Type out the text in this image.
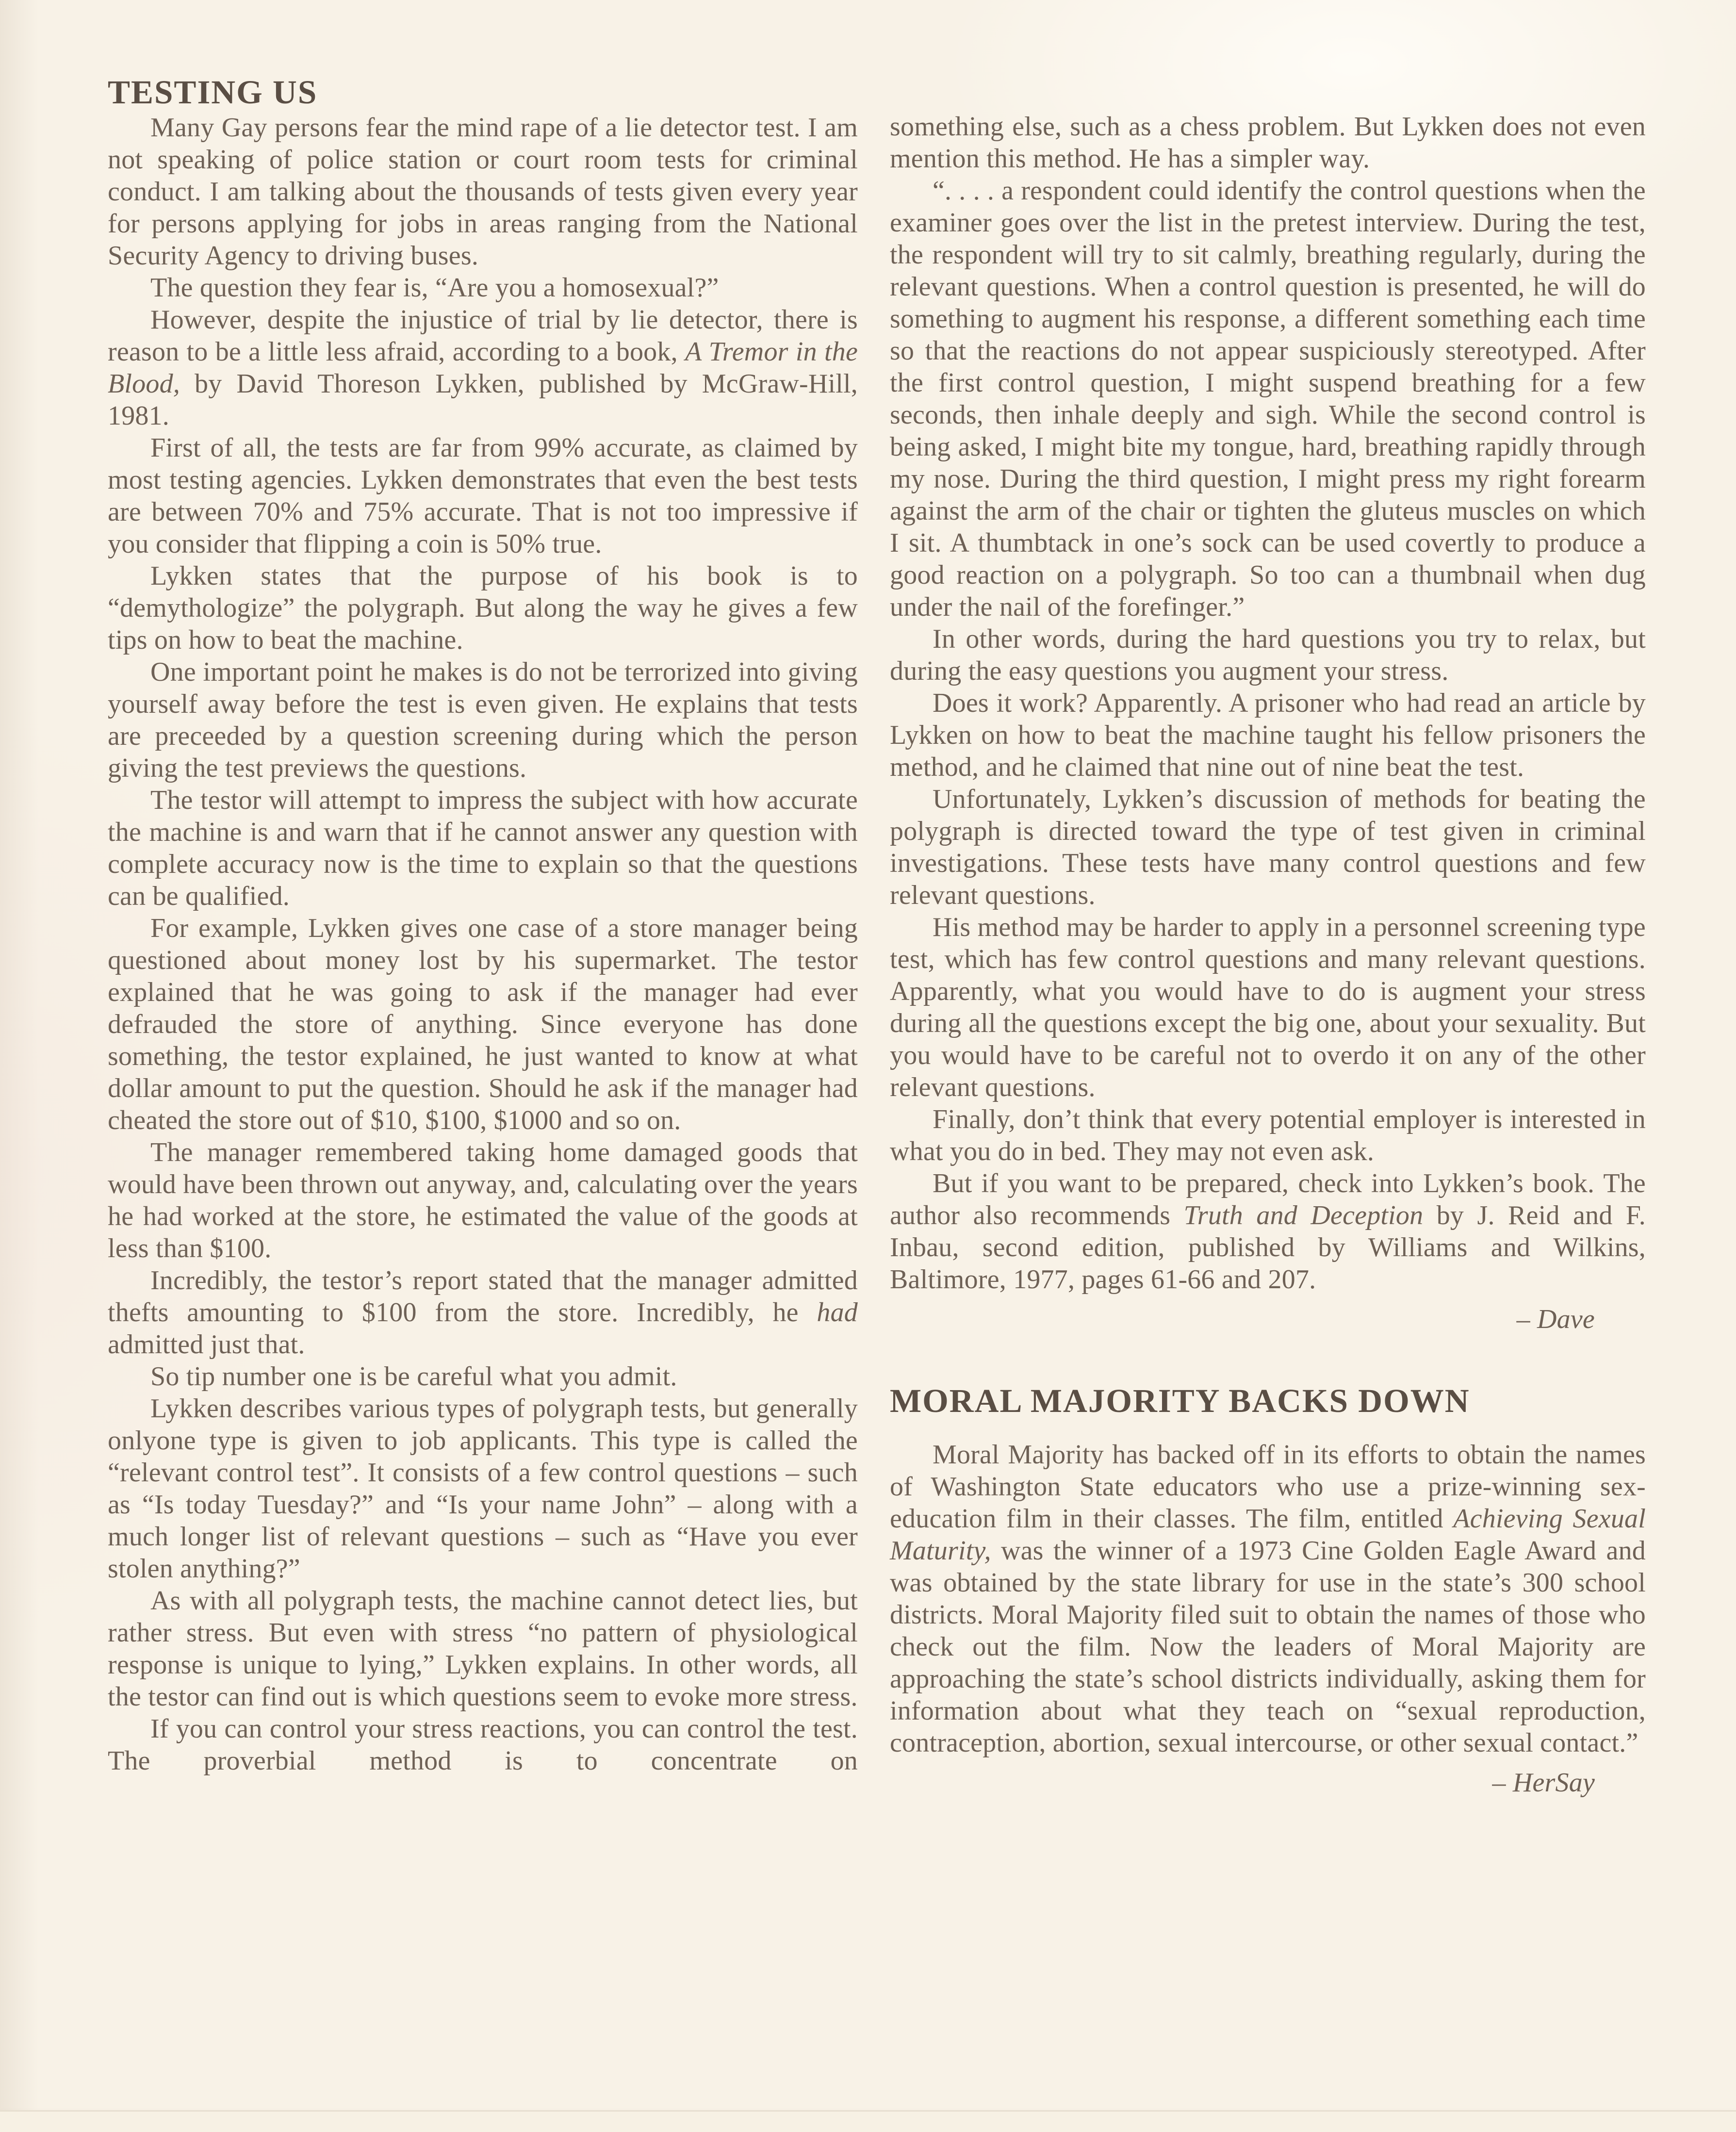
TESTING US

Many Gay persons fear the mind rape of a lie detector test. I am not speaking of police station or court room tests for criminal conduct. I am talking about the thousands of tests given every year for persons applying for jobs in areas ranging from the National Security Agency to driving buses.

The question they fear is, “Are you a homosexual?”

However, despite the injustice of trial by lie detector, there is reason to be a little less afraid, according to a book, A Tremor in the Blood, by David Thoreson Lykken, published by McGraw-Hill, 1981.

First of all, the tests are far from 99% accurate, as claimed by most testing agencies. Lykken demonstrates that even the best tests are between 70% and 75% accurate. That is not too impressive if you consider that flipping a coin is 50% true.

Lykken states that the purpose of his book is to “demythologize” the polygraph. But along the way he gives a few tips on how to beat the machine.

One important point he makes is do not be terrorized into giving yourself away before the test is even given. He explains that tests are preceeded by a question screening during which the person giving the test previews the questions.

The testor will attempt to impress the subject with how accurate the machine is and warn that if he cannot answer any question with complete accuracy now is the time to explain so that the questions can be qualified.

For example, Lykken gives one case of a store manager being questioned about money lost by his supermarket. The testor explained that he was going to ask if the manager had ever defrauded the store of anything. Since everyone has done something, the testor explained, he just wanted to know at what dollar amount to put the question. Should he ask if the manager had cheated the store out of $10, $100, $1000 and so on.

The manager remembered taking home damaged goods that would have been thrown out anyway, and, calculating over the years he had worked at the store, he estimated the value of the goods at less than $100.

Incredibly, the testor’s report stated that the manager admitted thefts amounting to $100 from the store. Incredibly, he had admitted just that.

So tip number one is be careful what you admit.

Lykken describes various types of polygraph tests, but generally onlyone type is given to job applicants. This type is called the “relevant control test”. It consists of a few control questions – such as “Is today Tuesday?” and “Is your name John” – along with a much longer list of relevant questions – such as “Have you ever stolen anything?”

As with all polygraph tests, the machine cannot detect lies, but rather stress. But even with stress “no pattern of physiological response is unique to lying,” Lykken explains. In other words, all the testor can find out is which questions seem to evoke more stress.

If you can control your stress reactions, you can control the test. The proverbial method is to concentrate on

something else, such as a chess problem. But Lykken does not even mention this method. He has a simpler way.

“. . . . a respondent could identify the control questions when the examiner goes over the list in the pretest interview. During the test, the respondent will try to sit calmly, breathing regularly, during the relevant questions. When a control question is presented, he will do something to augment his response, a different something each time so that the reactions do not appear suspiciously stereotyped. After the first control question, I might suspend breathing for a few seconds, then inhale deeply and sigh. While the second control is being asked, I might bite my tongue, hard, breathing rapidly through my nose. During the third question, I might press my right forearm against the arm of the chair or tighten the gluteus muscles on which I sit. A thumbtack in one’s sock can be used covertly to produce a good reaction on a polygraph. So too can a thumbnail when dug under the nail of the forefinger.”

In other words, during the hard questions you try to relax, but during the easy questions you augment your stress.

Does it work? Apparently. A prisoner who had read an article by Lykken on how to beat the machine taught his fellow prisoners the method, and he claimed that nine out of nine beat the test.

Unfortunately, Lykken’s discussion of methods for beating the polygraph is directed toward the type of test given in criminal investigations. These tests have many control questions and few relevant questions.

His method may be harder to apply in a personnel screening type test, which has few control questions and many relevant questions. Apparently, what you would have to do is augment your stress during all the questions except the big one, about your sexuality. But you would have to be careful not to overdo it on any of the other relevant questions.

Finally, don’t think that every potential employer is interested in what you do in bed. They may not even ask.

But if you want to be prepared, check into Lykken’s book. The author also recommends Truth and Deception by J. Reid and F. Inbau, second edition, published by Williams and Wilkins, Baltimore, 1977, pages 61-66 and 207.

– Dave

MORAL MAJORITY BACKS DOWN

Moral Majority has backed off in its efforts to obtain the names of Washington State educators who use a prize-winning sex-education film in their classes. The film, entitled Achieving Sexual Maturity, was the winner of a 1973 Cine Golden Eagle Award and was obtained by the state library for use in the state’s 300 school districts. Moral Majority filed suit to obtain the names of those who check out the film. Now the leaders of Moral Majority are approaching the state’s school districts individually, asking them for information about what they teach on “sexual reproduction, contraception, abortion, sexual intercourse, or other sexual contact.”

– HerSay
